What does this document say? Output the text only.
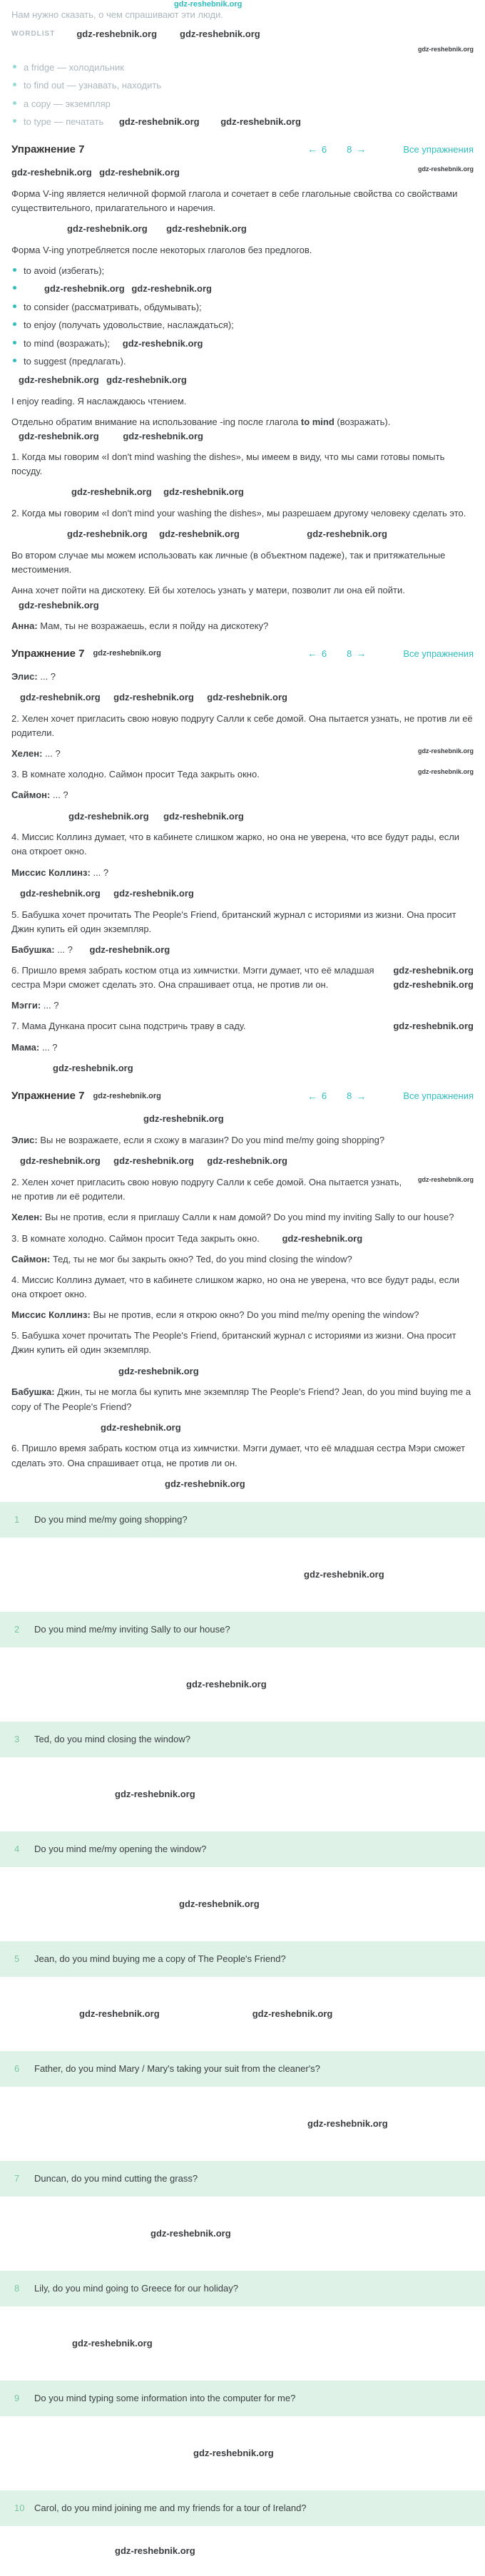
gdz-reshebnik.org

Нам нужно сказать, о чем спрашивают эти люди.

WORDLIST gdz-reshebnik.org gdz-reshebnik.org
gdz-reshebnik.org
a fridge — холодильник
to find out — узнавать, находить
a copy — экземпляр
to type — печатать gdz-reshebnik.org gdz-reshebnik.org
Упражнение 7	← 6 8 →	Все упражнения
gdz-reshebnik.org gdz-reshebnik.org	gdz-reshebnik.org

Форма V-ing является неличной формой глагола и сочетает в себе глагольные свойства со свойствами существительного, прилагательного и наречия.

gdz-reshebnik.org gdz-reshebnik.org

Форма V-ing употребляется после некоторых глаголов без предлогов.

to avoid (избегать);
gdz-reshebnik.org gdz-reshebnik.org
to consider (рассматривать, обдумывать);
to enjoy (получать удовольствие, наслаждаться);
to mind (возражать); gdz-reshebnik.org
to suggest (предлагать).
gdz-reshebnik.org gdz-reshebnik.org

I enjoy reading. Я наслаждаюсь чтением.

Отдельно обратим внимание на использование -ing после глагола to mind (возражать). gdz-reshebnik.org	gdz-reshebnik.org

1. Когда мы говорим «I don't mind washing the dishes», мы имеем в виду, что мы сами готовы помыть посуду.

gdz-reshebnik.org gdz-reshebnik.org

2. Когда мы говорим «I don't mind your washing the dishes», мы разрешаем другому человеку сделать это.

gdz-reshebnik.org gdz-reshebnik.org	gdz-reshebnik.org

Во втором случае мы можем использовать как личные (в объектном падеже), так и притяжательные местоимения.

Анна хочет пойти на дискотеку. Ей бы хотелось узнать у матери, позволит ли она ей пойти. gdz-reshebnik.org

Анна: Мам, ты не возражаешь, если я пойду на дискотеку?

Упражнение 7 gdz-reshebnik.org	← 6 8 →	Все упражнения

Элис: ... ?

gdz-reshebnik.org gdz-reshebnik.org gdz-reshebnik.org

2. Хелен хочет пригласить свою новую подругу Салли к себе домой. Она пытается узнать, не против ли её родители.

gdz-reshebnik.org
Хелен: ... ?

gdz-reshebnik.org
3. В комнате холодно. Саймон просит Теда закрыть окно.

Саймон: ... ?

gdz-reshebnik.org gdz-reshebnik.org

4. Миссис Коллинз думает, что в кабинете слишком жарко, но она не уверена, что все будут рады, если она откроет окно.

Миссис Коллинз: ... ?

gdz-reshebnik.org gdz-reshebnik.org

5. Бабушка хочет прочитать The People's Friend, британский журнал с историями из жизни. Она просит Джин купить ей один экземпляр.

Бабушка: ... ? gdz-reshebnik.org

gdz-reshebnik.org
gdz-reshebnik.org
6. Пришло время забрать костюм отца из химчистки. Мэгги думает, что её младшая сестра Мэри сможет сделать это. Она спрашивает отца, не против ли он.

Мэгги: ... ?

gdz-reshebnik.org
7. Мама Дункана просит сына подстричь траву в саду.

Мама: ... ?

gdz-reshebnik.org
Упражнение 7 gdz-reshebnik.org	← 6 8 →	Все упражнения
gdz-reshebnik.org

Элис: Вы не возражаете, если я схожу в магазин? Do you mind me/my going shopping?

gdz-reshebnik.org gdz-reshebnik.org gdz-reshebnik.org

gdz-reshebnik.org
2. Хелен хочет пригласить свою новую подругу Салли к себе домой. Она пытается узнать, не против ли её родители.

Хелен: Вы не против, если я приглашу Салли к нам домой? Do you mind my inviting Sally to our house?

3. В комнате холодно. Саймон просит Теда закрыть окно. gdz-reshebnik.org

Саймон: Тед, ты не мог бы закрыть окно? Ted, do you mind closing the window?

4. Миссис Коллинз думает, что в кабинете слишком жарко, но она не уверена, что все будут рады, если она откроет окно.

Миссис Коллинз: Вы не против, если я открою окно? Do you mind me/my opening the window?

5. Бабушка хочет прочитать The People's Friend, британский журнал с историями из жизни. Она просит Джин купить ей один экземпляр.

gdz-reshebnik.org

Бабушка: Джин, ты не могла бы купить мне экземпляр The People's Friend? Jean, do you mind buying me a copy of The People's Friend?

gdz-reshebnik.org

6. Пришло время забрать костюм отца из химчистки. Мэгги думает, что её младшая сестра Мэри сможет сделать это. Она спрашивает отца, не против ли он.

gdz-reshebnik.org
1	Do you mind me/my going shopping?
gdz-reshebnik.org
2	Do you mind me/my inviting Sally to our house?
gdz-reshebnik.org
3	Ted, do you mind closing the window?
gdz-reshebnik.org
4	Do you mind me/my opening the window?
gdz-reshebnik.org
5	Jean, do you mind buying me a copy of The People's Friend?
gdz-reshebnik.org	gdz-reshebnik.org
6	Father, do you mind Mary / Mary's taking your suit from the cleaner's?
gdz-reshebnik.org
7	Duncan, do you mind cutting the grass?
gdz-reshebnik.org
8	Lily, do you mind going to Greece for our holiday?
gdz-reshebnik.org
9	Do you mind typing some information into the computer for me?
gdz-reshebnik.org
10	Carol, do you mind joining me and my friends for a tour of Ireland?
gdz-reshebnik.org
